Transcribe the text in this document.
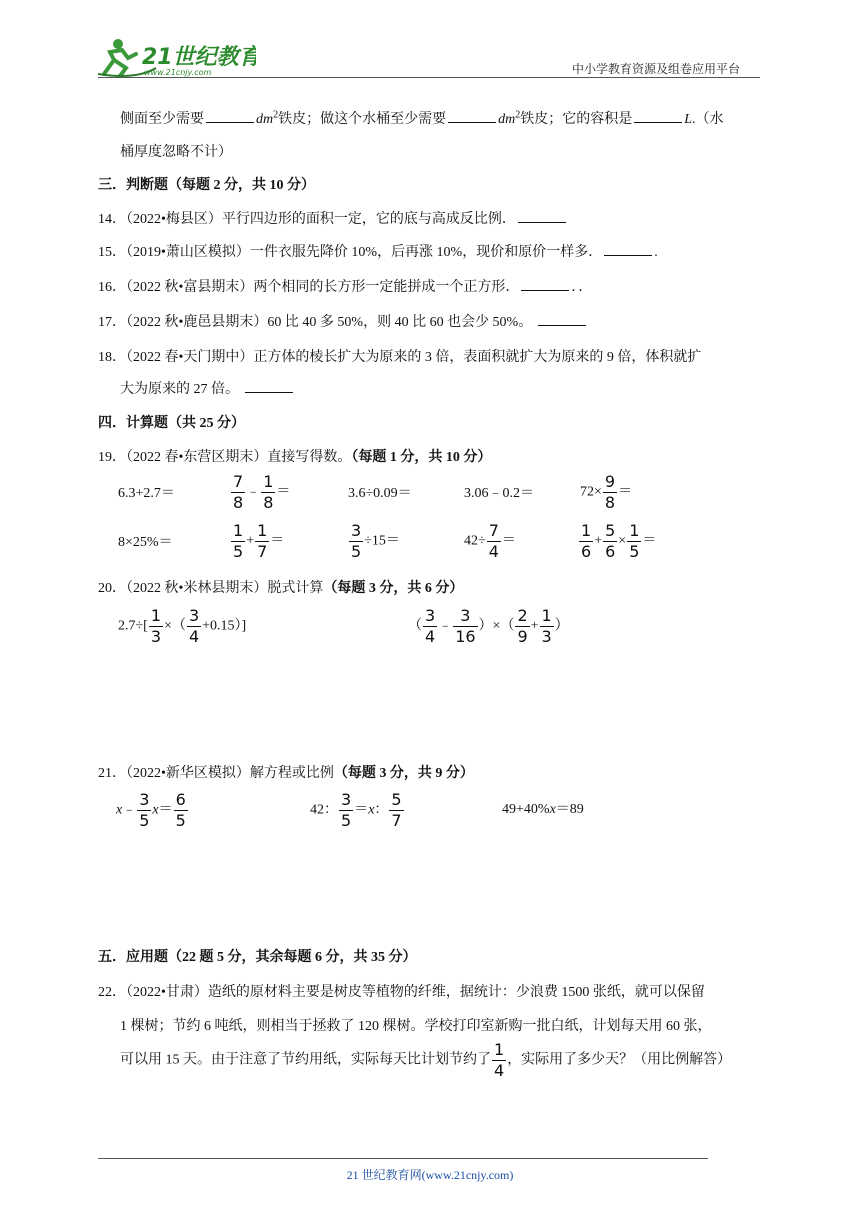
21世纪教育
www.21cnjy.com	中小学教育资源及组卷应用平台
侧面至少需要	$dm^2$铁皮；做这个水桶至少需要	$dm^2$铁皮；它的容积是	L.（水
桶厚度忽略不计）
三．判断题（每题 2 分，共 10 分）
14．（2022•梅县区）平行四边形的面积一定，它的底与高成反比例．
15．（2019•萧山区模拟）一件衣服先降价 10%，后再涨 10%，现价和原价一样多．	.
16．（2022 秋•富县期末）两个相同的长方形一定能拼成一个正方形．	．．
17．（2022 秋•鹿邑县期末）60 比 40 多 50%，则 40 比 60 也会少 50%。
18．（2022 春•天门期中）正方体的棱长扩大为原来的 3 倍，表面积就扩大为原来的 9 倍，体积就扩
大为原来的 27 倍。
四．计算题（共 25 分）
19．（2022 春•东营区期末）直接写得数。（每题 1 分，共 10 分）
6.3+2.7＝	$\frac{7}{8}$ ﹣ $\frac{1}{8}$ ＝	3.6÷0.09＝	3.06﹣0.2＝	$72\times \frac{9}{8}$ ＝
8×25%＝	$\frac{1}{5} + \frac{1}{7}$ ＝	$\frac{3}{5} \div 15=$	$42\div \frac{7}{4}$ ＝	$\frac{1}{6} + \frac{5}{6} \times \frac{1}{5}$ ＝
20．（2022 秋•米林县期末）脱式计算（每题 3 分，共 6 分）
$2.7\div[ \frac{1}{3}$ ×（ $\frac{3}{4} +0.15$）]	（ $\frac{3}{4}$ ﹣ $\frac{3}{16}$ ）×（ $\frac{2}{9} + \frac{1}{3}$ ）
21．（2022•新华区模拟）解方程或比例（每题 3 分，共 9 分）
x﹣ $\frac{3}{5} x= \frac{6}{5}$	42： $\frac{3}{5} =x$： $\frac{5}{7}$	49+40%x＝89
五．应用题（22 题 5 分，其余每题 6 分，共 35 分）
22．（2022•甘肃）造纸的原材料主要是树皮等植物的纤维，据统计：少浪费 1500 张纸，就可以保留
1 棵树；节约 6 吨纸，则相当于拯救了 120 棵树。学校打印室新购一批白纸，计划每天用 60 张，
可以用 15 天。由于注意了节约用纸，实际每天比计划节约了 $\frac{1}{4}$ ，实际用了多少天？（用比例解答）
21 世纪教育网(www.21cnjy.com)
